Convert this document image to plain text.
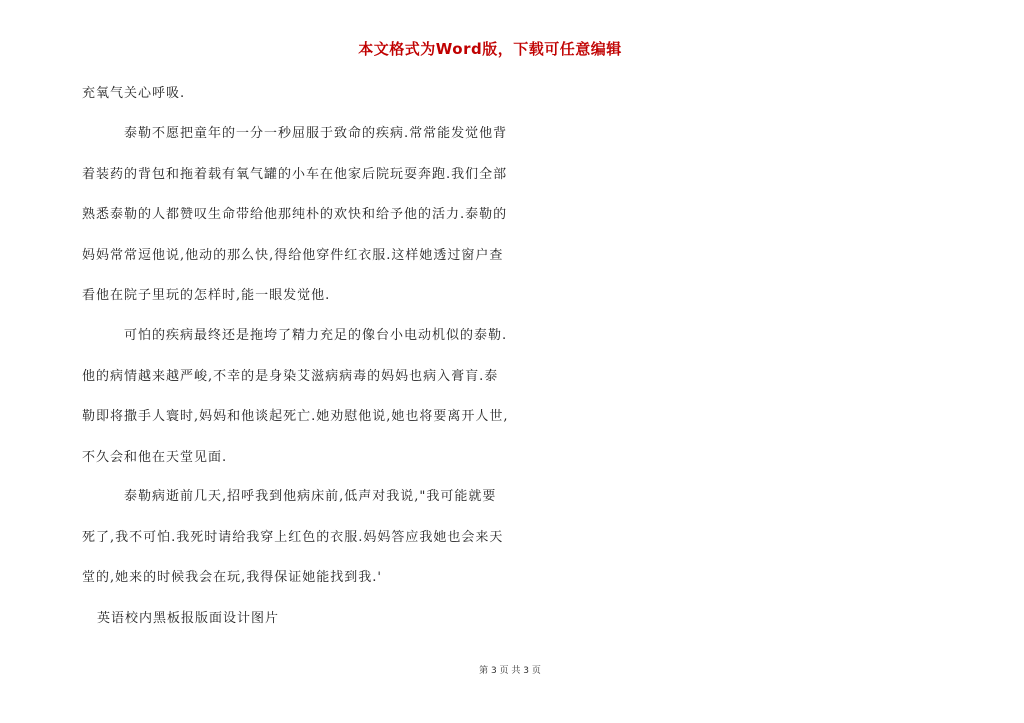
本文格式为Word版，下载可任意编辑
充氧气关心呼吸.
泰勒不愿把童年的一分一秒屈服于致命的疾病.常常能发觉他背
着装药的背包和拖着载有氧气罐的小车在他家后院玩耍奔跑.我们全部
熟悉泰勒的人都赞叹生命带给他那纯朴的欢快和给予他的活力.泰勒的
妈妈常常逗他说,他动的那么快,得给他穿件红衣服.这样她透过窗户查
看他在院子里玩的怎样时,能一眼发觉他.
可怕的疾病最终还是拖垮了精力充足的像台小电动机似的泰勒.
他的病情越来越严峻,不幸的是身染艾滋病病毒的妈妈也病入膏肓.泰
勒即将撒手人寰时,妈妈和他谈起死亡.她劝慰他说,她也将要离开人世,
不久会和他在天堂见面.
泰勒病逝前几天,招呼我到他病床前,低声对我说,"我可能就要
死了,我不可怕.我死时请给我穿上红色的衣服.妈妈答应我她也会来天
堂的,她来的时候我会在玩,我得保证她能找到我.'
英语校内黑板报版面设计图片
第 3 页 共 3 页
